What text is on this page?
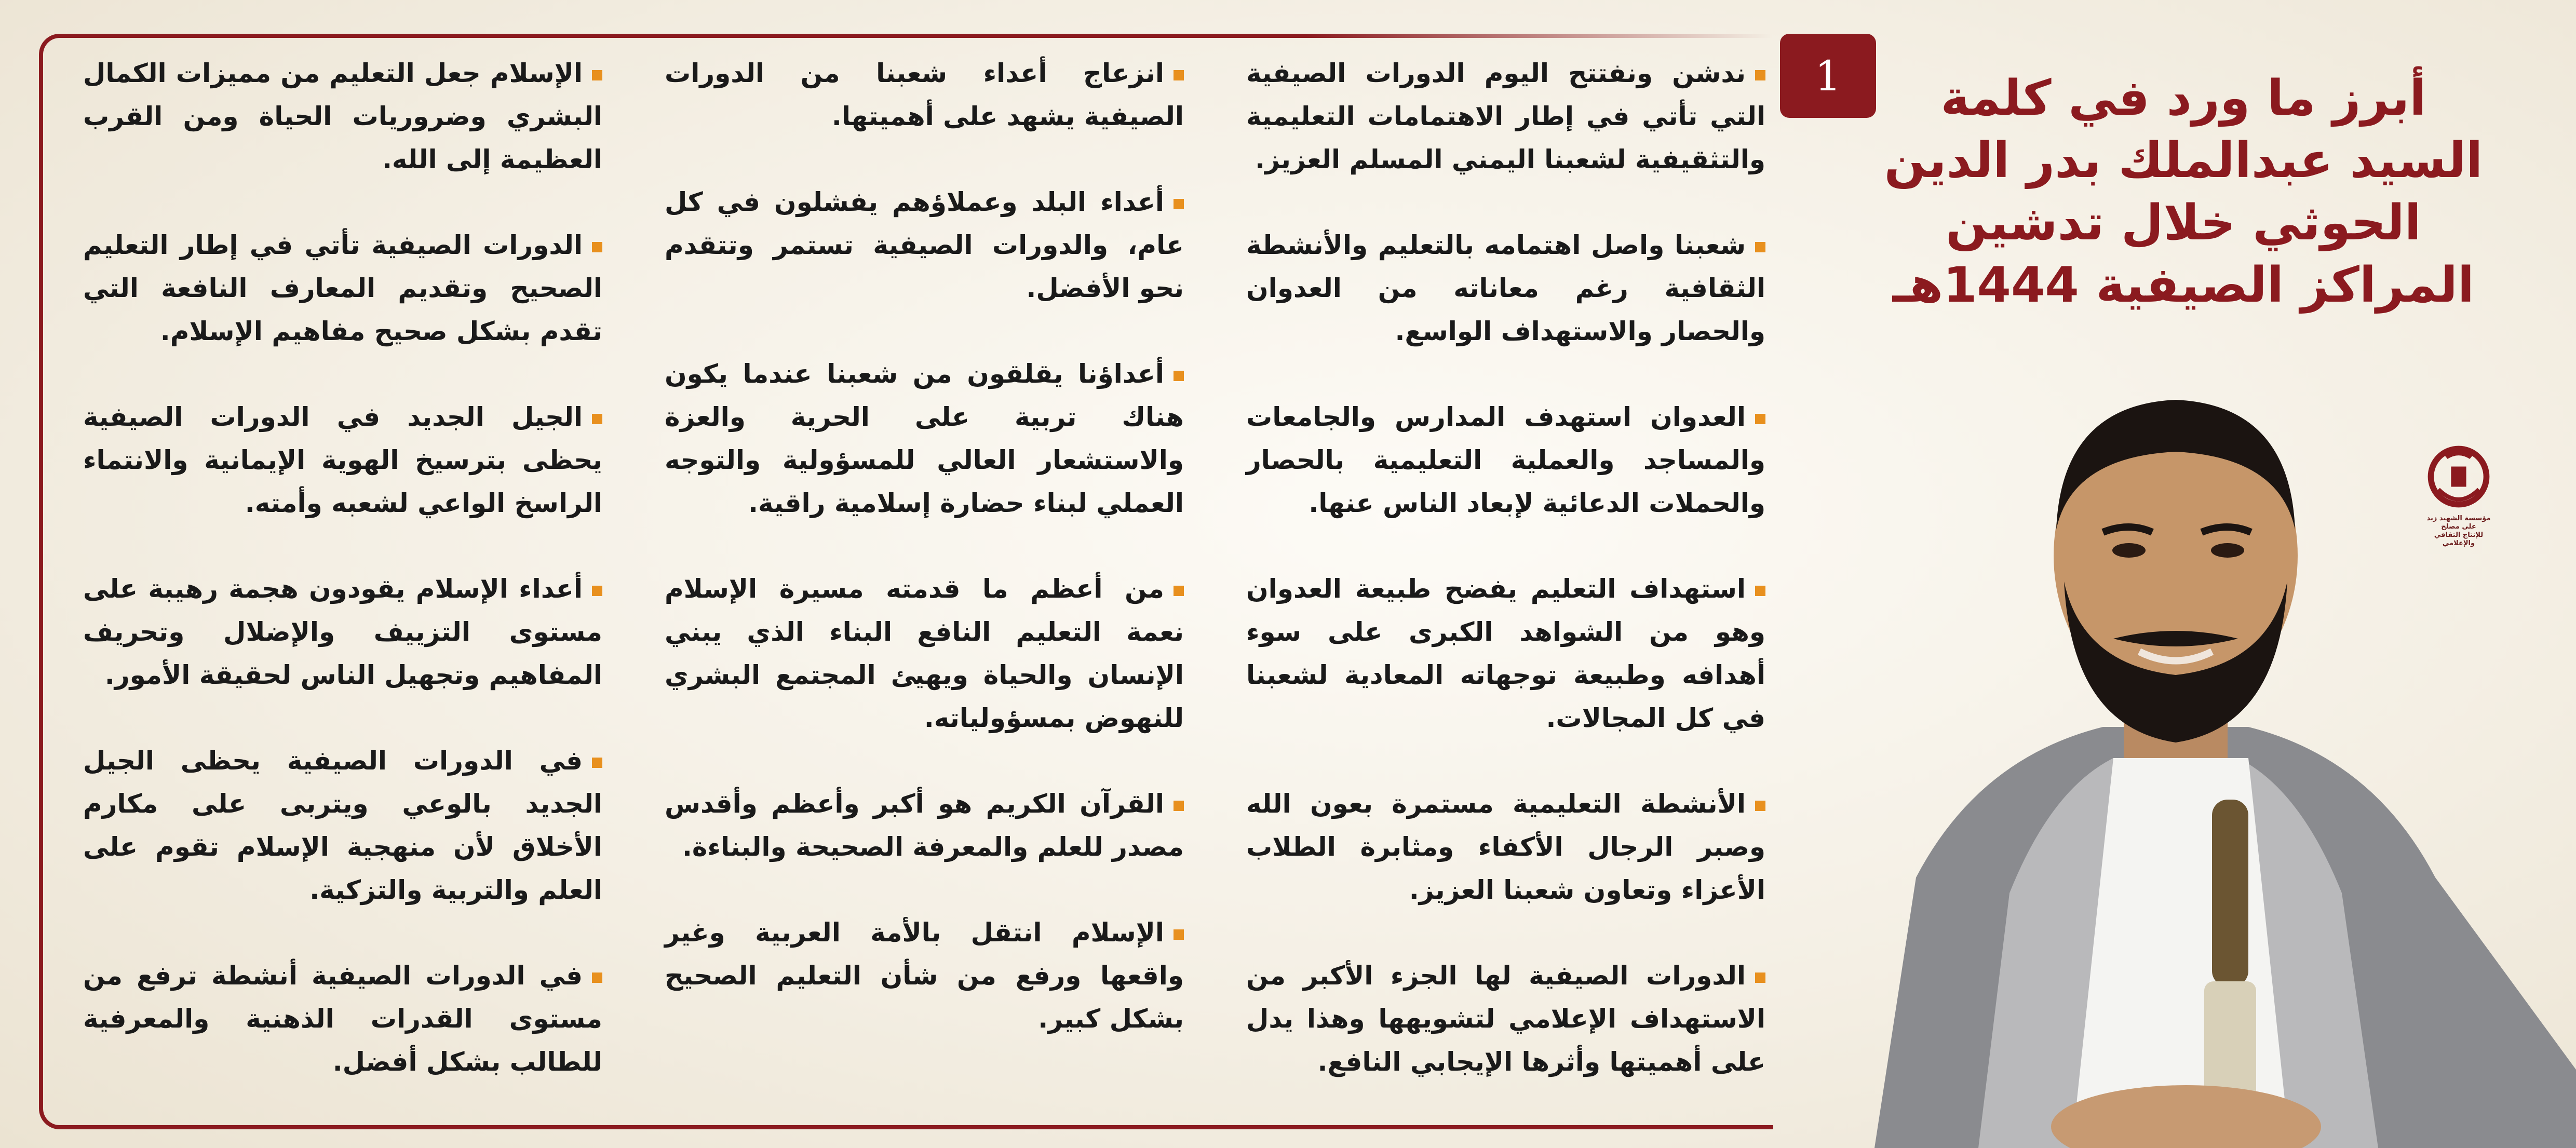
1	أبرز ما ورد في كلمة السيد عبدالملك بدر الدين الحوثي خلال تدشين المراكز الصيفية 1444هـ
مؤسسة الشهيد زيد علي مصلح
للإنتاج الثقافي والإعلامي
ندشن ونفتتح اليوم الدورات الصيفية التي تأتي في إطار الاهتمامات التعليمية والتثقيفية لشعبنا اليمني المسلم العزيز.
شعبنا واصل اهتمامه بالتعليم والأنشطة الثقافية رغم معاناته من العدوان والحصار والاستهداف الواسع.
العدوان استهدف المدارس والجامعات والمساجد والعملية التعليمية بالحصار والحملات الدعائية لإبعاد الناس عنها.
استهداف التعليم يفضح طبيعة العدوان وهو من الشواهد الكبرى على سوء أهدافه وطبيعة توجهاته المعادية لشعبنا في كل المجالات.
الأنشطة التعليمية مستمرة بعون الله وصبر الرجال الأكفاء ومثابرة الطلاب الأعزاء وتعاون شعبنا العزيز.
الدورات الصيفية لها الجزء الأكبر من الاستهداف الإعلامي لتشويهها وهذا يدل على أهميتها وأثرها الإيجابي النافع.
انزعاج أعداء شعبنا من الدورات الصيفية يشهد على أهميتها.
أعداء البلد وعملاؤهم يفشلون في كل عام، والدورات الصيفية تستمر وتتقدم نحو الأفضل.
أعداؤنا يقلقون من شعبنا عندما يكون هناك تربية على الحرية والعزة والاستشعار العالي للمسؤولية والتوجه العملي لبناء حضارة إسلامية راقية.
من أعظم ما قدمته مسيرة الإسلام نعمة التعليم النافع البناء الذي يبني الإنسان والحياة ويهيئ المجتمع البشري للنهوض بمسؤولياته.
القرآن الكريم هو أكبر وأعظم وأقدس مصدر للعلم والمعرفة الصحيحة والبناءة.
الإسلام انتقل بالأمة العربية وغير واقعها ورفع من شأن التعليم الصحيح بشكل كبير.
الإسلام جعل التعليم من مميزات الكمال البشري وضروريات الحياة ومن القرب العظيمة إلى الله.
الدورات الصيفية تأتي في إطار التعليم الصحيح وتقديم المعارف النافعة التي تقدم بشكل صحيح مفاهيم الإسلام.
الجيل الجديد في الدورات الصيفية يحظى بترسيخ الهوية الإيمانية والانتماء الراسخ الواعي لشعبه وأمته.
أعداء الإسلام يقودون هجمة رهيبة على مستوى التزييف والإضلال وتحريف المفاهيم وتجهيل الناس لحقيقة الأمور.
في الدورات الصيفية يحظى الجيل الجديد بالوعي ويتربى على مكارم الأخلاق لأن منهجية الإسلام تقوم على العلم والتربية والتزكية.
في الدورات الصيفية أنشطة ترفع من مستوى القدرات الذهنية والمعرفية للطالب بشكل أفضل.
